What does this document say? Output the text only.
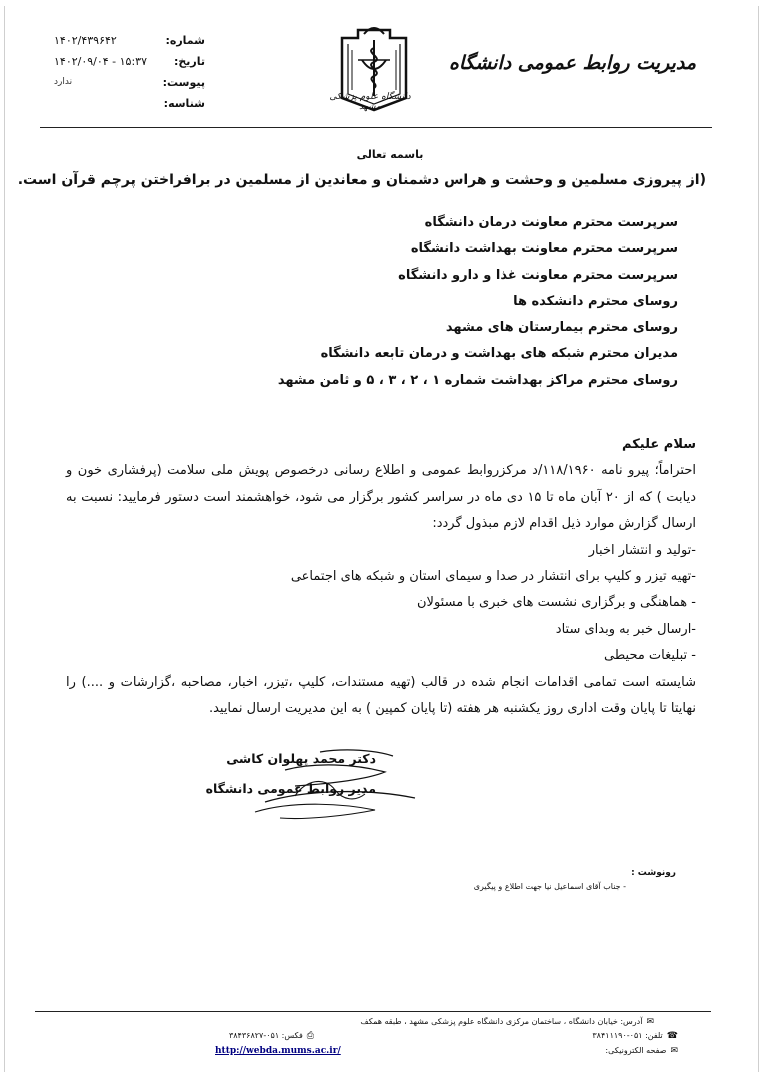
شماره:
تاریخ:
پیوست:
شناسه:
۱۴۰۲/۴۳۹۶۴۲
۱۴۰۲/۰۹/۰۴ - ۱۵:۳۷
ندارد
دانشگاه علوم پزشکی مشهد
مدیریت روابط عمومی دانشگاه
باسمه تعالی
(از پیروزی مسلمین و وحشت و هراس دشمنان و معاندین از مسلمین در برافراختن پرچم قرآن است.
سرپرست محترم معاونت درمان دانشگاه
سرپرست محترم معاونت بهداشت دانشگاه
سرپرست محترم معاونت غذا و دارو دانشگاه
روسای محترم دانشکده ها
روسای محترم بیمارستان های مشهد
مدیران محترم شبکه های بهداشت و درمان تابعه دانشگاه
روسای محترم مراکز بهداشت شماره ۱ ، ۲ ، ۳ ، ۵ و ثامن مشهد
سلام علیکم
احتراماً؛ پیرو نامه ۱۱۸/۱۹۶۰/د مرکزروابط عمومی و اطلاع رسانی درخصوص پویش ملی سلامت (پرفشاری خون و دیابت ) که از ۲۰ آبان ماه تا ۱۵ دی ماه در سراسر کشور برگزار می شود، خواهشمند است دستور فرمایید: نسبت به ارسال گزارش موارد ذیل اقدام لازم مبذول گردد:
-تولید و انتشار اخبار
-تهیه تیزر و کلیپ برای انتشار در صدا و سیمای استان و شبکه های اجتماعی
- هماهنگی و برگزاری نشست های خبری با مسئولان
-ارسال خبر به وبدای ستاد
- تبلیغات محیطی
شایسته است تمامی اقدامات انجام شده در قالب (تهیه مستندات، کلیپ ،تیزر، اخبار، مصاحبه ،گزارشات و ....) را نهایتا تا پایان وقت اداری روز یکشنبه هر هفته (تا پایان کمپین ) به این مدیریت ارسال نمایید.
دکتر محمد پهلوان کاشی
مدیر روابط عمومی دانشگاه
رونوشت :
- جناب آقای اسماعیل نیا جهت اطلاع و پیگیری
✉آدرس: خیابان دانشگاه ، ساختمان مرکزی دانشگاه علوم پزشکی مشهد ، طبقه همکف
☎تلفن: ۰۵۱-۳۸۴۱۱۱۹۰
⎙فکس: ۰۵۱-۳۸۴۳۶۸۲۷
✉صفحه الکترونیکی:
http://webda.mums.ac.ir/
